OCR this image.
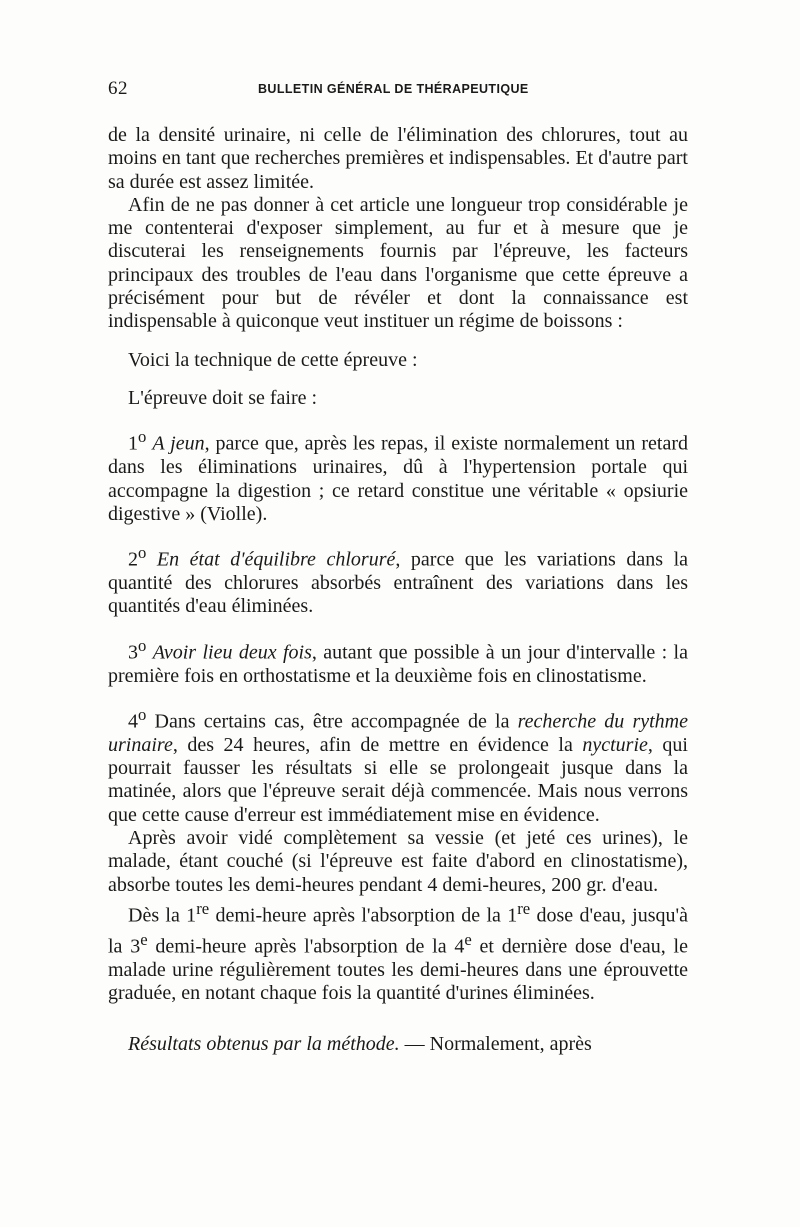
62	BULLETIN GÉNÉRAL DE THÉRAPEUTIQUE

de la densité urinaire, ni celle de l'élimination des chlorures, tout au moins en tant que recherches premières et indispensables. Et d'autre part sa durée est assez limitée.

Afin de ne pas donner à cet article une longueur trop considérable je me contenterai d'exposer simplement, au fur et à mesure que je discuterai les renseignements fournis par l'épreuve, les facteurs principaux des troubles de l'eau dans l'organisme que cette épreuve a précisément pour but de révéler et dont la connaissance est indispensable à quiconque veut instituer un régime de boissons :

Voici la technique de cette épreuve :

L'épreuve doit se faire :

1$^o$ A jeun, parce que, après les repas, il existe normalement un retard dans les éliminations urinaires, dû à l'hypertension portale qui accompagne la digestion ; ce retard constitue une véritable « opsiurie digestive » (Violle).

2$^o$ En état d'équilibre chloruré, parce que les variations dans la quantité des chlorures absorbés entraînent des variations dans les quantités d'eau éliminées.

3$^o$ Avoir lieu deux fois, autant que possible à un jour d'intervalle : la première fois en orthostatisme et la deuxième fois en clinostatisme.

4$^o$ Dans certains cas, être accompagnée de la recherche du rythme urinaire, des 24 heures, afin de mettre en évidence la nycturie, qui pourrait fausser les résultats si elle se prolongeait jusque dans la matinée, alors que l'épreuve serait déjà commencée. Mais nous verrons que cette cause d'erreur est immédiatement mise en évidence.

Après avoir vidé complètement sa vessie (et jeté ces urines), le malade, étant couché (si l'épreuve est faite d'abord en clinostatisme), absorbe toutes les demi-heures pendant 4 demi-heures, 200 gr. d'eau.

Dès la 1re demi-heure après l'absorption de la 1re dose d'eau, jusqu'à la 3e demi-heure après l'absorption de la 4e et dernière dose d'eau, le malade urine régulièrement toutes les demi-heures dans une éprouvette graduée, en notant chaque fois la quantité d'urines éliminées.

Résultats obtenus par la méthode. — Normalement, après
